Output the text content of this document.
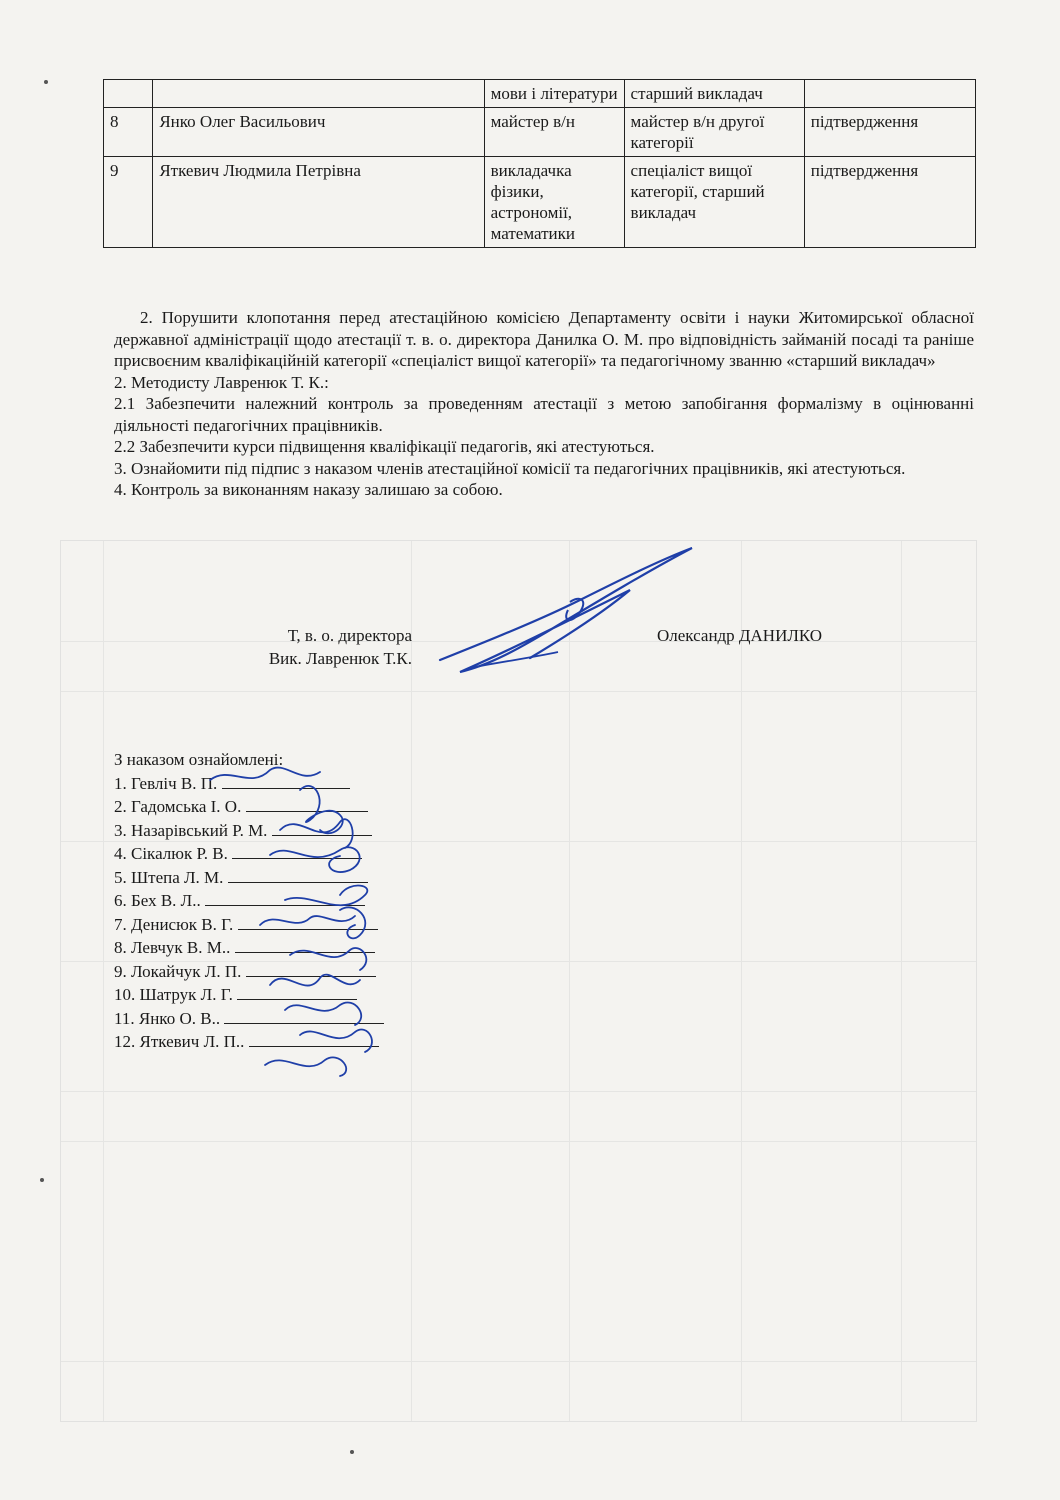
		мови і літератури	старший викладач	
8	Янко Олег Васильович	майстер в/н	майстер в/н другої категорії	підтвердження
9	Яткевич Людмила Петрівна	викладачка фізики, астрономії, математики	спеціаліст вищої категорії, старший викладач	підтвердження

2. Порушити клопотання перед атестаційною комісією Департаменту освіти і науки Житомирської обласної державної адміністрації щодо атестації т. в. о. директора Данилка О. М. про відповідність займаній посаді та раніше присвоєним кваліфікаційній категорії «спеціаліст вищої категорії» та педагогічному званню «старший викладач»

2. Методисту Лавренюк Т. К.:

2.1 Забезпечити належний контроль за проведенням атестації з метою запобігання формалізму в оцінюванні діяльності педагогічних працівників.

2.2 Забезпечити курси підвищення кваліфікації педагогів, які атестуються.

3. Ознайомити під підпис з наказом членів атестаційної комісії та педагогічних працівників, які атестуються.

4. Контроль за виконанням наказу залишаю за собою.

Т, в. о. директора
Вик. Лавренюк Т.К.
Олександр ДАНИЛКО
З наказом ознайомлені:
1. Гевліч В. П.
2. Гадомська І. О.
3. Назарівський Р. М.
4. Сікалюк Р. В.
5. Штепа Л. М.
6. Бех В. Л..
7. Денисюк В. Г.
8. Левчук В. М..
9. Локайчук Л. П.
10. Шатрук Л. Г.
11. Янко О. В..
12. Яткевич Л. П..
